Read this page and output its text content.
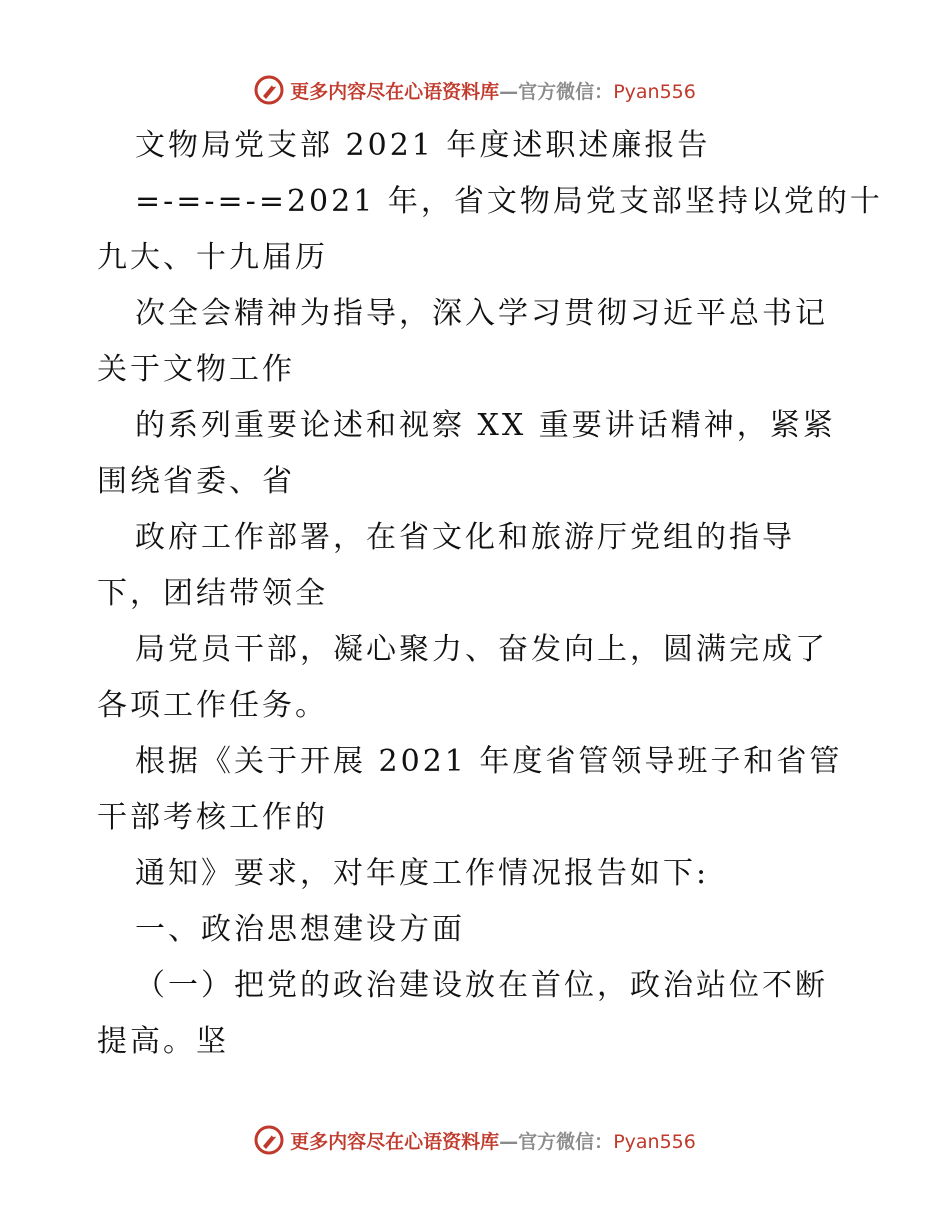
更多内容尽在心语资料库—官方微信：Pyan556
文物局党支部 2021 年度述职述廉报告
=-=-=-=2021 年，省文物局党支部坚持以党的十
九大、十九届历
次全会精神为指导，深入学习贯彻习近平总书记
关于文物工作
的系列重要论述和视察 XX 重要讲话精神，紧紧
围绕省委、省
政府工作部署，在省文化和旅游厅党组的指导
下，团结带领全
局党员干部，凝心聚力、奋发向上，圆满完成了
各项工作任务。
根据《关于开展 2021 年度省管领导班子和省管
干部考核工作的
通知》要求，对年度工作情况报告如下:
一、政治思想建设方面
（一）把党的政治建设放在首位，政治站位不断
提高。坚
更多内容尽在心语资料库—官方微信：Pyan556
